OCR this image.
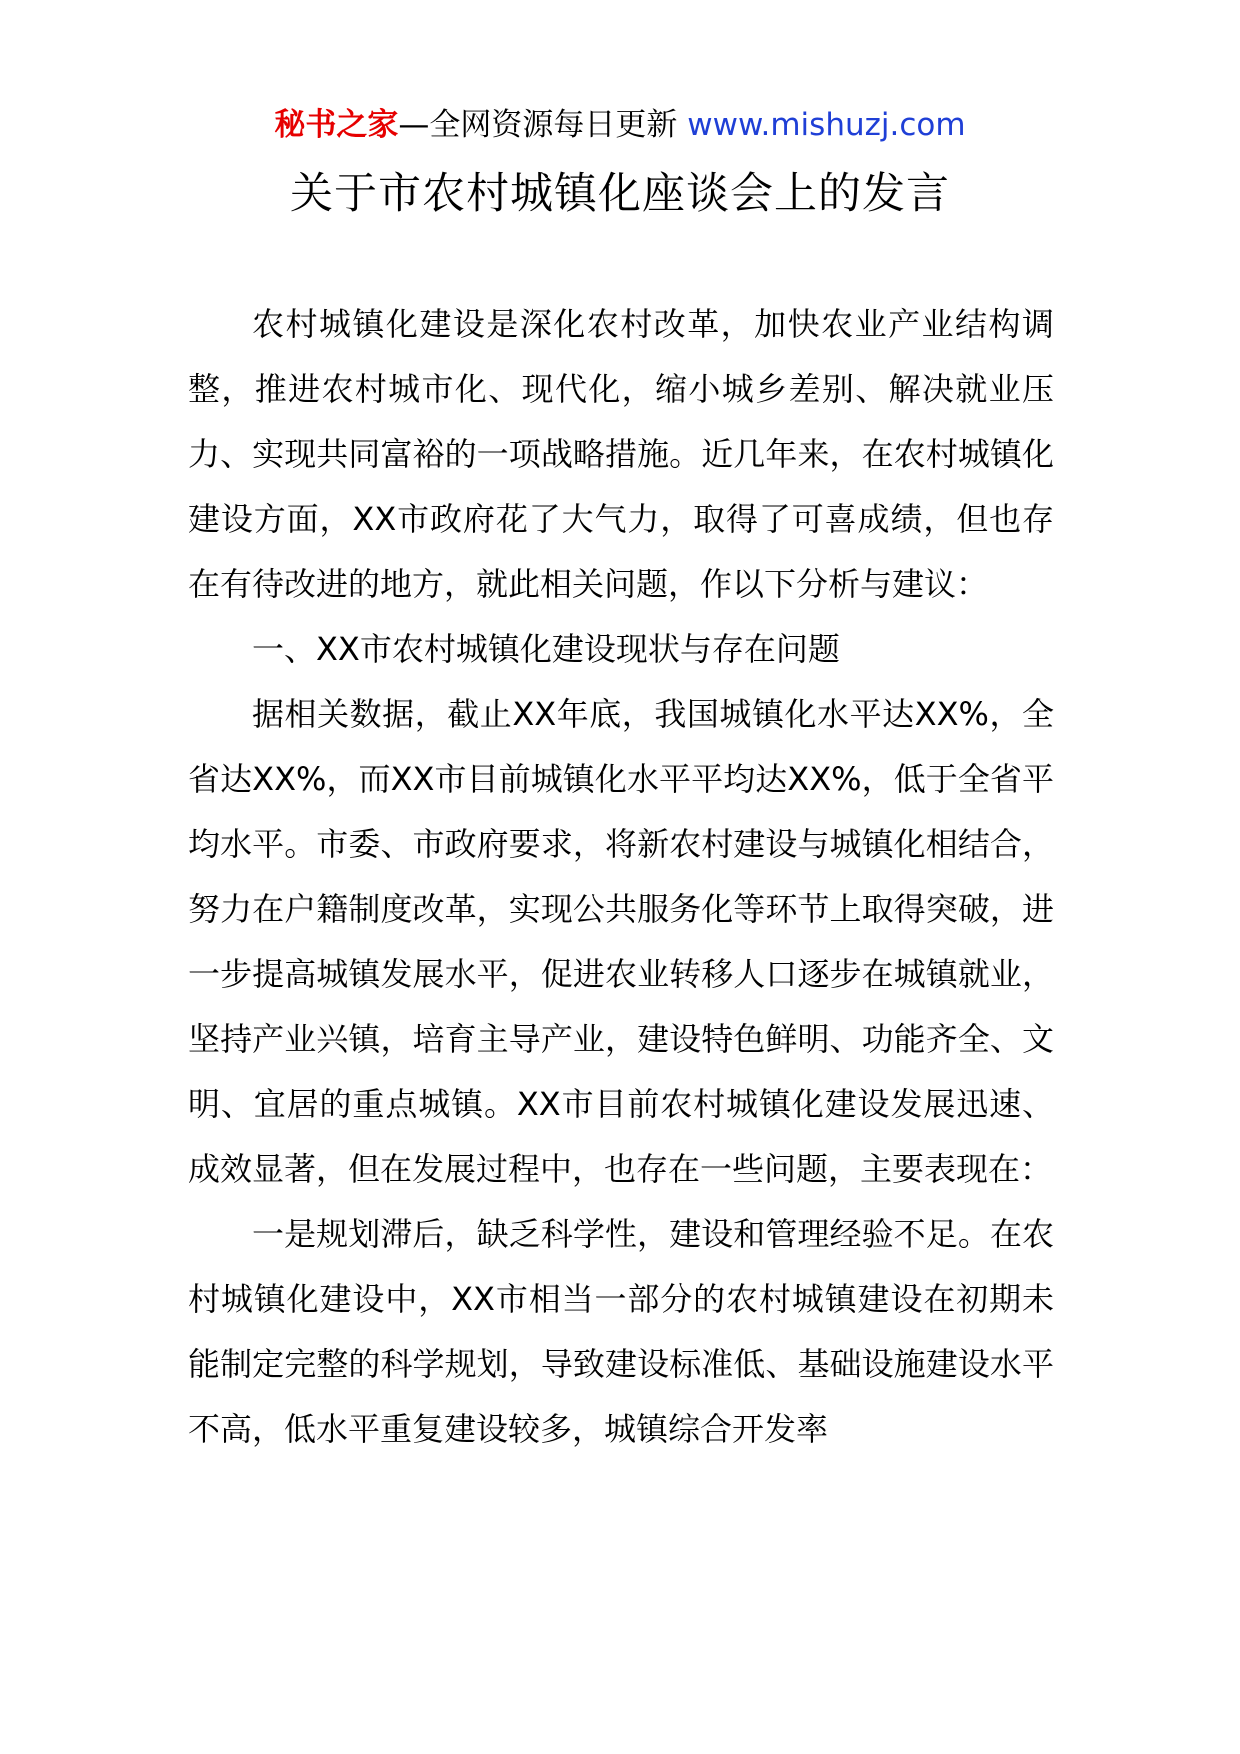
秘书之家—全网资源每日更新 www.mishuzj.com
关于市农村城镇化座谈会上的发言

农村城镇化建设是深化农村改革，加快农业产业结构调整，推进农村城市化、现代化，缩小城乡差别、解决就业压力、实现共同富裕的一项战略措施。近几年来，在农村城镇化建设方面，XX市政府花了大气力，取得了可喜成绩，但也存在有待改进的地方，就此相关问题，作以下分析与建议：

一、XX市农村城镇化建设现状与存在问题

据相关数据，截止XX年底，我国城镇化水平达XX%，全省达XX%，而XX市目前城镇化水平平均达XX%，低于全省平均水平。市委、市政府要求，将新农村建设与城镇化相结合，努力在户籍制度改革，实现公共服务化等环节上取得突破，进一步提高城镇发展水平，促进农业转移人口逐步在城镇就业，坚持产业兴镇，培育主导产业，建设特色鲜明、功能齐全、文明、宜居的重点城镇。XX市目前农村城镇化建设发展迅速、成效显著，但在发展过程中，也存在一些问题，主要表现在：

一是规划滞后，缺乏科学性，建设和管理经验不足。在农村城镇化建设中，XX市相当一部分的农村城镇建设在初期未能制定完整的科学规划，导致建设标准低、基础设施建设水平不高，低水平重复建设较多，城镇综合开发率
